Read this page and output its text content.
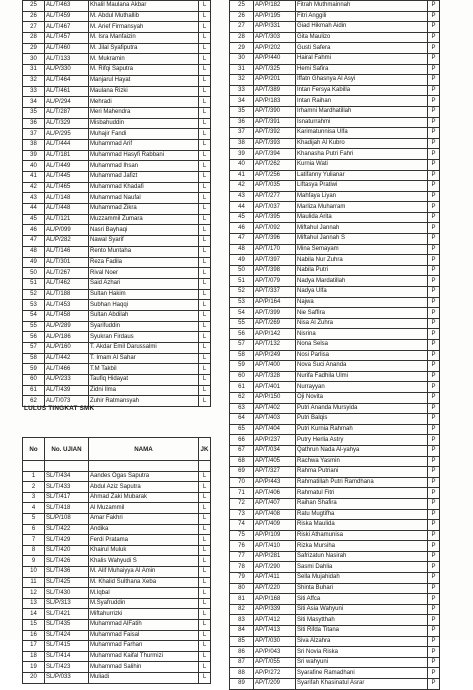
25	AL/T/463	Khalil Maulana Akbar	L
26	AL/T/459	M. Abdul Muthallib	L
27	AL/T/467	M. Arief Firmansyah	L
28	AL/T/457	M. Isra Manfaizin	L
29	AL/T/460	M. Jilal Syafiputra	L
30	AL/T/133	M. Mukramin	L
31	AL/P/330	M. Rifqi Saputra	L
32	AL/T/464	Manjarul Hayat	L
33	AL/T/461	Maulana Rizki	L
34	AL/P/294	Mehradi	L
35	AL/T/287	Meri Mahendra	L
36	AL/T/329	Misbahuddin	L
37	AL/P/295	Muhajir Fandi	L
38	AL/T/444	Muhammad Arif	L
39	AL/T/181	Muhammad Hasyfi Rabbani	L
40	AL/T/449	Muhammad Ihsan	L
41	AL/T/445	Muhammad Jafizt	L
42	AL/T/465	Muhammad Khadafi	L
43	AL/T/148	Muhammad Naufal	L
44	AL/T/448	Muhammad Zikra	L
45	AL/T/121	Muzzammil Zumara	L
46	AL/P/099	Nasri Bayhaqi	L
47	AL/P/282	Nawal Syarif	L
48	AL/T/146	Rento Muntaha	L
49	AL/T/301	Reza Fadila	L
50	AL/T/267	Rival Noer	L
51	AL/T/462	Said Azhari	L
52	AL/T/188	Sultan Hakim	L
53	AL/T/453	Subhan Haqqi	L
54	AL/T/458	Sultan Abdilah	L
55	AL/P/289	Syarifuddin	L
56	AL/P/186	Syukran Firdaus	L
57	AL/P/160	T. Akdar Emil Darussalmi	L
58	AL/T/442	T. Imam Al Sahar	L
59	AL/T/466	T.M Takbil	L
60	AL/P/233	Taufiq Hidayat	L
61	AL/T/439	Zidni Ilma	L
62	AL/T/073	Zuhir Ratmansyah	L
LULUS TINGKAT SMK
No	No. UJIAN	NAMA	JK

1	SL/T/434	Aandes Ogas Saputra	L
2	SL/T/433	Abdul Aziz Saputra	L
3	SL/T/417	Ahmad Zaki Mubarak	L
4	SL/T/418	Al Muzammil	L
5	SL/P/108	Amar Fakhri	L
6	SL/T/422	Andika	L
7	SL/T/429	Ferdi Pratama	L
8	SL/T/420	Khairul Muluk	L
9	SL/T/426	Khalis Wahyudi S	L
10	SL/T/436	M. Alif Muhaiyya Al Amin	L
11	SL/T/425	M. Khalid Sulthana Xeba	L
12	SL/T/430	M.Iqbal	L
13	SL/P/313	M.Syafruddin	L
14	SL/T/421	Miftahurrizki	L
15	SL/T/435	Muhammad AlFatih	L
16	SL/T/424	Muhammad Faisal	L
17	SL/T/415	Muhammad Farhan	L
18	SL/T/414	Muhammad Kaifal Thurmizi	L
19	SL/T/423	Muhammad Salihin	L
20	SL/P/033	Muliadi	L
25	AP/P/182	Fitrah Muthmainnah	P
26	AP/P/195	Fitri Anggili	P
27	AP/P/331	Giad Hikmah Aidin	P
28	AP/T/303	Gita Maulizo	P
29	AP/P/202	Gusti Safera	P
30	AP/P/440	Hairal Fahmi	P
31	AP/T/325	Hemi Safira	P
32	AP/P/201	Iffatn Ghasnya Al Asyi	P
33	AP/T/389	Intan Fersya Kabilla	P
34	AP/P/183	Intan Raihan	P
35	AP/T/390	Irhamni Mardhatillah	P
36	AP/T/391	Isnaturrahmi	P
37	AP/T/392	Karimatunnisa Ulfa	P
38	AP/T/393	Khadijah Al Kubro	P
39	AP/T/394	Khanasha Putri Fahri	P
40	AP/T/262	Kurnia Wati	P
41	AP/T/256	Latifanny Yulianar	P
42	AP/T/035	Liftasya Pratiwi	P
43	AP/T/277	Mahfaya Liyan	P
44	AP/T/037	Marliza Muharram	P
45	AP/T/395	Maulida Arita	P
46	AP/T/092	Miftahul Jannah	P
47	AP/T/396	Miftahul Jannah S	P
48	AP/T/170	Mina Semayam	P
49	AP/T/397	Nabila Nur Zuhra	P
50	AP/T/398	Nabila Putri	P
51	AP/T/079	Nadya Mardatillah	P
52	AP/T/337	Nadya Ulfa	P
53	AP/P/164	Najwa	P
54	AP/T/399	Nie Saffira	P
55	AP/T/269	Nisa Al Zuhra	P
56	AP/P/142	Nisrina	P
57	AP/T/132	Nona Selsa	P
58	AP/P/249	Nosi Parlisa	P
59	AP/T/400	Nova Suci Ananda	P
60	AP/T/328	Nurifa Fadhila Ulmi	P
61	AP/T/401	Nurrayyan	P
62	AP/P/150	Oji Novita	P
63	AP/T/402	Putri Ananda Mursyida	P
64	AP/T/403	Putri Balqis	P
65	AP/T/404	Putri Kurnia Rahmah	P
66	AP/P/237	Putry Herlia Astry	P
67	AP/T/034	Qathrun Nada Al-yahya	P
68	AP/T/405	Rachwa Yasmin	P
69	AP/T/327	Rahma Putriani	P
70	AP/P/443	Rahmatillah Putri Ramdhana	P
71	AP/T/406	Rahmatul Fitri	P
72	AP/T/407	Raihan Shafira	P
73	AP/T/408	Ratu Mugtifha	P
74	AP/T/409	Riska Maulida	P
75	AP/P/109	Riski Athamunisa	P
76	AP/T/410	Rizka Mursiha	P
77	AP/P/281	Safrizatun Nasirah	P
78	AP/T/290	Sasmi Dahlia	P
79	AP/T/411	Sella Mujahidah	P
80	AP/T/220	Shinta Buhari	P
81	AP/P/168	Siti Affca	P
82	AP/P/339	Siti Asia Wahyuni	P
83	AP/T/412	Siti Masytthah	P
84	AP/T/413	Siti Rifda Titana	P
85	AP/T/030	Siva Alzahra	P
86	AP/P/043	Sri Novia Riska	P
87	AP/T/055	Sri wahyuni	P
88	AP/P/272	Syarafine Ramadhani	P
89	AP/T/209	Syarifah Khasinatul Asrar	P
